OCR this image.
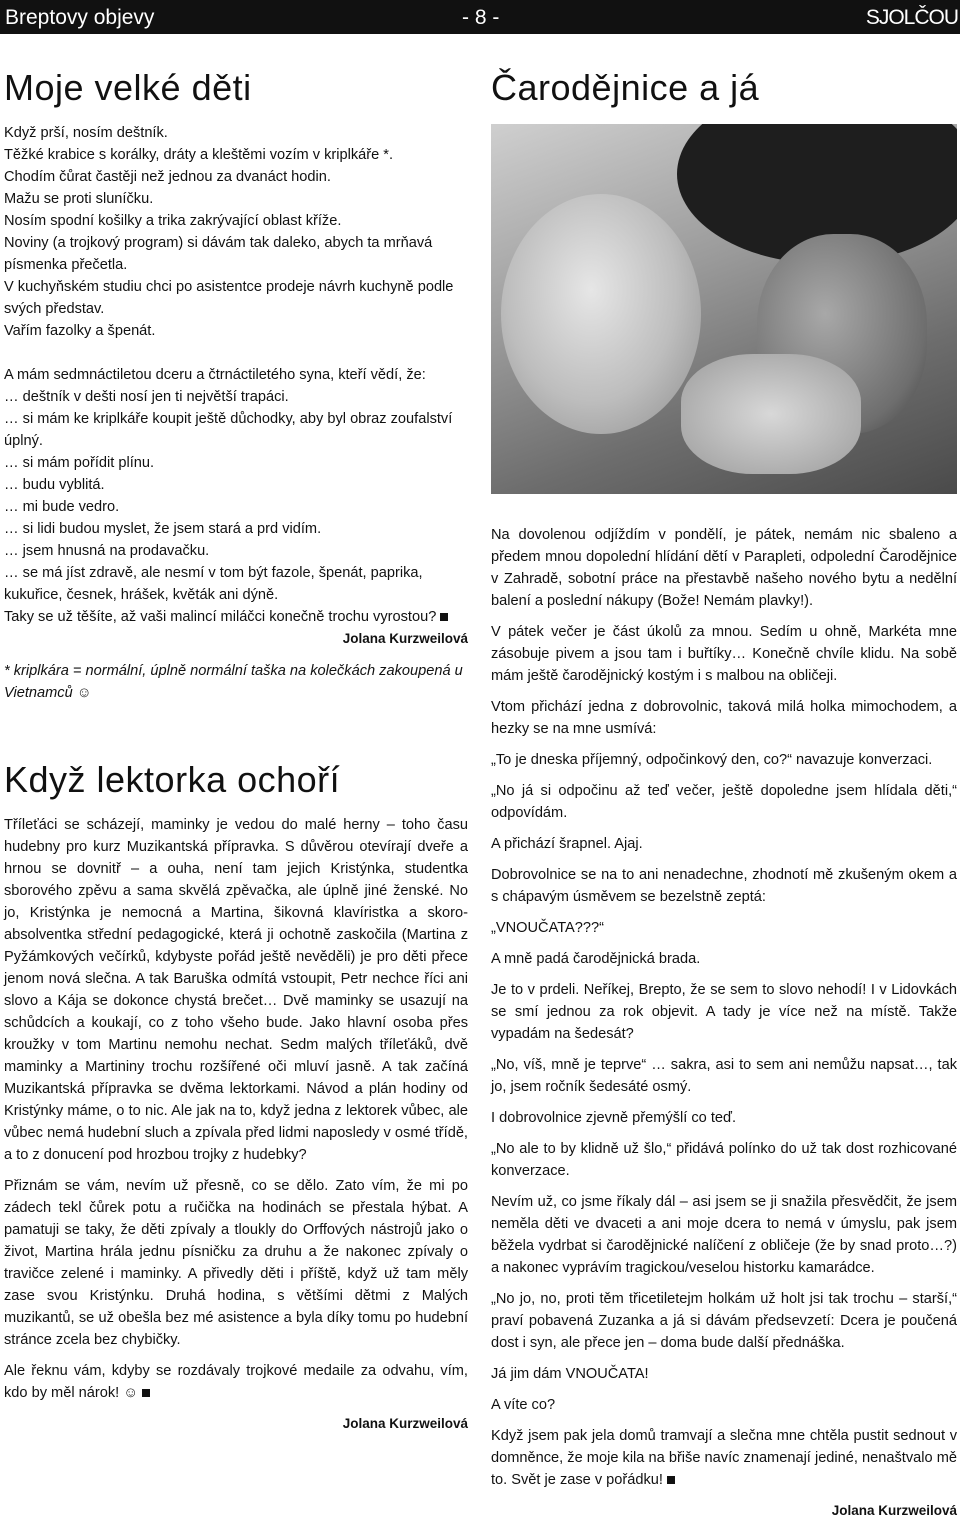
Breptovy objevy	- 8 -	SJOLČOU
Moje velké děti

Když prší, nosím deštník.

Těžké krabice s korálky, dráty a kleštěmi vozím v kriplkáře *.

Chodím čůrat častěji než jednou za dvanáct hodin.

Mažu se proti sluníčku.

Nosím spodní košilky a trika zakrývající oblast kříže.

Noviny (a trojkový program) si dávám tak daleko, abych ta mrňavá písmenka přečetla.

V kuchyňském studiu chci po asistentce prodeje návrh kuchyně podle svých představ.

Vařím fazolky a špenát.

A mám sedmnáctiletou dceru a čtrnáctiletého syna, kteří vědí, že:

… deštník v dešti nosí jen ti největší trapáci.

… si mám ke kriplkáře koupit ještě důchodky, aby byl obraz zoufalství úplný.

… si mám pořídit plínu.

… budu vyblitá.

… mi bude vedro.

… si lidi budou myslet, že jsem stará a prd vidím.

… jsem hnusná na prodavačku.

… se má jíst zdravě, ale nesmí v tom být fazole, špenát, paprika, kukuřice, česnek, hrášek, květák ani dýně.

Taky se už těšíte, až vaši malincí miláčci konečně trochu vyrostou?

Jolana Kurzweilová

* kriplkára = normální, úplně normální taška na kolečkách zakoupená u Vietnamců ☺

Když lektorka ochoří

Tříleťáci se scházejí, maminky je vedou do malé herny – toho času hudebny pro kurz Muzikantská přípravka. S důvěrou otevírají dveře a hrnou se dovnitř – a ouha, není tam jejich Kristýnka, studentka sborového zpěvu a sama skvělá zpěvačka, ale úplně jiné ženské. No jo, Kristýnka je nemocná a Martina, šikovná klavíristka a skoro-absolventka střední pedagogické, která ji ochotně zaskočila (Martina z Pyžámkových večírků, kdybyste pořád ještě nevěděli) je pro děti přece jenom nová slečna. A tak Baruška odmítá vstoupit, Petr nechce říci ani slovo a Kája se dokonce chystá brečet… Dvě maminky se usazují na schůdcích a koukají, co z toho všeho bude. Jako hlavní osoba přes kroužky v tom Martinu nemohu nechat. Sedm malých tříleťáků, dvě maminky a Martininy trochu rozšířené oči mluví jasně. A tak začíná Muzikantská přípravka se dvěma lektorkami. Návod a plán hodiny od Kristýnky máme, o to nic. Ale jak na to, když jedna z lektorek vůbec, ale vůbec nemá hudební sluch a zpívala před lidmi naposledy v osmé třídě, a to z donucení pod hrozbou trojky z hudebky?

Přiznám se vám, nevím už přesně, co se dělo. Zato vím, že mi po zádech tekl čůrek potu a ručička na hodinách se přestala hýbat. A pamatuji se taky, že děti zpívaly a tloukly do Orffových nástrojů jako o život, Martina hrála jednu písničku za druhu a že nakonec zpívaly o travičce zelené i maminky. A přivedly děti i příště, když už tam měly zase svou Kristýnku. Druhá hodina, s většími dětmi z Malých muzikantů, se už obešla bez mé asistence a byla díky tomu po hudební stránce zcela bez chybičky.

Ale řeknu vám, kdyby se rozdávaly trojkové medaile za odvahu, vím, kdo by měl nárok! ☺

Jolana Kurzweilová

Čarodějnice a já

Na dovolenou odjíždím v pondělí, je pátek, nemám nic sbaleno a předem mnou dopolední hlídání dětí v Parapleti, odpolední Čarodějnice v Zahradě, sobotní práce na přestavbě našeho nového bytu a nedělní balení a poslední nákupy (Bože! Nemám plavky!).

V pátek večer je část úkolů za mnou. Sedím u ohně, Markéta mne zásobuje pivem a jsou tam i buřtíky… Konečně chvíle klidu. Na sobě mám ještě čarodějnický kostým i s malbou na obličeji.

Vtom přichází jedna z dobrovolnic, taková milá holka mimochodem, a hezky se na mne usmívá:

„To je dneska příjemný, odpočinkový den, co?“ navazuje konverzaci.

„No já si odpočinu až teď večer, ještě dopoledne jsem hlídala děti,“ odpovídám.

A přichází šrapnel. Ajaj.

Dobrovolnice se na to ani nenadechne, zhodnotí mě zkušeným okem a s chápavým úsměvem se bezelstně zeptá:

„VNOUČATA???“

A mně padá čarodějnická brada.

Je to v prdeli. Neříkej, Brepto, že se sem to slovo nehodí! I v Lidovkách se smí jednou za rok objevit. A tady je více než na místě. Takže vypadám na šedesát?

„No, víš, mně je teprve“ … sakra, asi to sem ani nemůžu napsat…, tak jo, jsem ročník šedesáté osmý.

I dobrovolnice zjevně přemýšlí co teď.

„No ale to by klidně už šlo,“ přidává polínko do už tak dost rozhicované konverzace.

Nevím už, co jsme říkaly dál – asi jsem se ji snažila přesvědčit, že jsem neměla děti ve dvaceti a ani moje dcera to nemá v úmyslu, pak jsem běžela vydrbat si čarodějnické nalíčení z obličeje (že by snad proto…?) a nakonec vyprávím tragickou/veselou historku kamarádce.

„No jo, no, proti těm třicetiletejm holkám už holt jsi tak trochu – starší,“ praví pobavená Zuzanka a já si dávám předsevzetí: Dcera je poučená dost i syn, ale přece jen – doma bude další přednáška.

Já jim dám VNOUČATA!

A víte co?

Když jsem pak jela domů tramvají a slečna mne chtěla pustit sednout v domněnce, že moje kila na břiše navíc znamenají jediné, nenaštvalo mě to. Svět je zase v pořádku!

Jolana Kurzweilová
